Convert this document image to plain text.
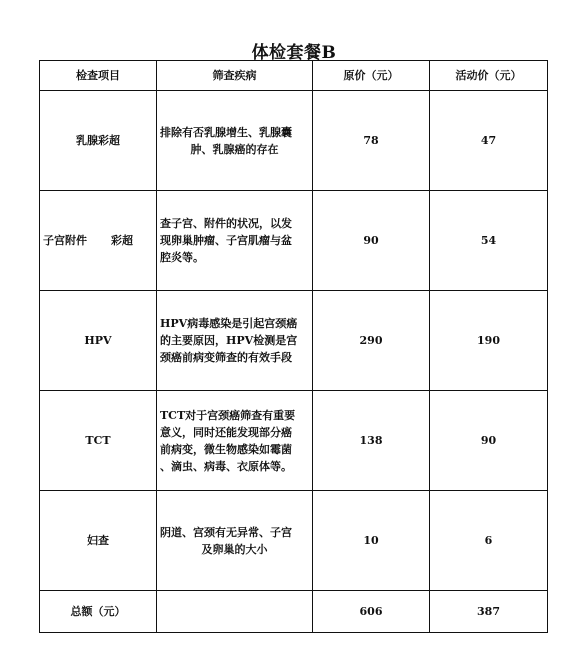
体检套餐B
检查项目	筛查疾病	原价（元）	活动价（元）
乳腺彩超	排除有否乳腺增生、乳腺囊
肿、乳腺癌的存在	78	47
子宫附件 彩超	查子宫、附件的状况，以发
现卵巢肿瘤、子宫肌瘤与盆
腔炎等。	90	54
HPV	HPV病毒感染是引起宫颈癌
的主要原因，HPV检测是宫
颈癌前病变筛查的有效手段	290	190
TCT	TCT对于宫颈癌筛查有重要
意义，同时还能发现部分癌
前病变，微生物感染如霉菌
、滴虫、病毒、衣原体等。	138	90
妇查	阴道、宫颈有无异常、子宫
及卵巢的大小	10	6
总额（元）		606	387
